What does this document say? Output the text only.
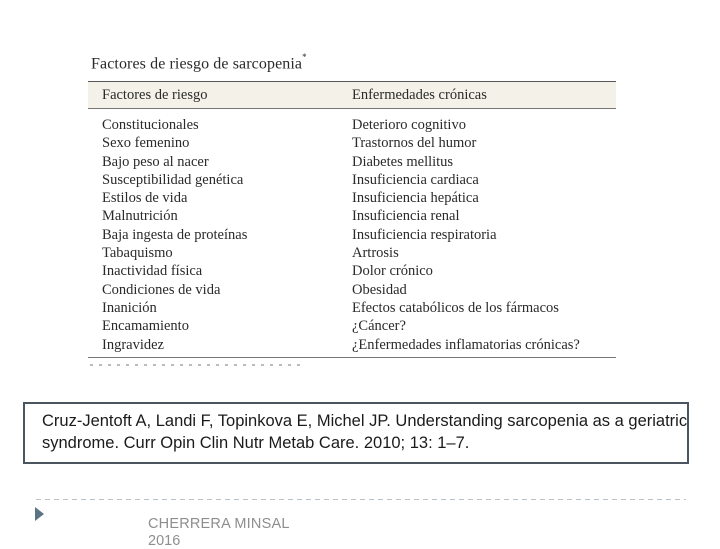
Factores de riesgo de sarcopenia*
Factores de riesgo	Enfermedades crónicas
Constitucionales	Deterioro cognitivo
Sexo femenino	Trastornos del humor
Bajo peso al nacer	Diabetes mellitus
Susceptibilidad genética	Insuficiencia cardiaca
Estilos de vida	Insuficiencia hepática
Malnutrición	Insuficiencia renal
Baja ingesta de proteínas	Insuficiencia respiratoria
Tabaquismo	Artrosis
Inactividad física	Dolor crónico
Condiciones de vida	Obesidad
Inanición	Efectos catabólicos de los fármacos
Encamamiento	¿Cáncer?
Ingravidez	¿Enfermedades inflamatorias crónicas?
Cruz-Jentoft A, Landi F, Topinkova E, Michel JP. Understanding sarcopenia as a geriatric syndrome. Curr Opin Clin Nutr Metab Care. 2010; 13: 1–7.
CHERRERA MINSAL
2016
